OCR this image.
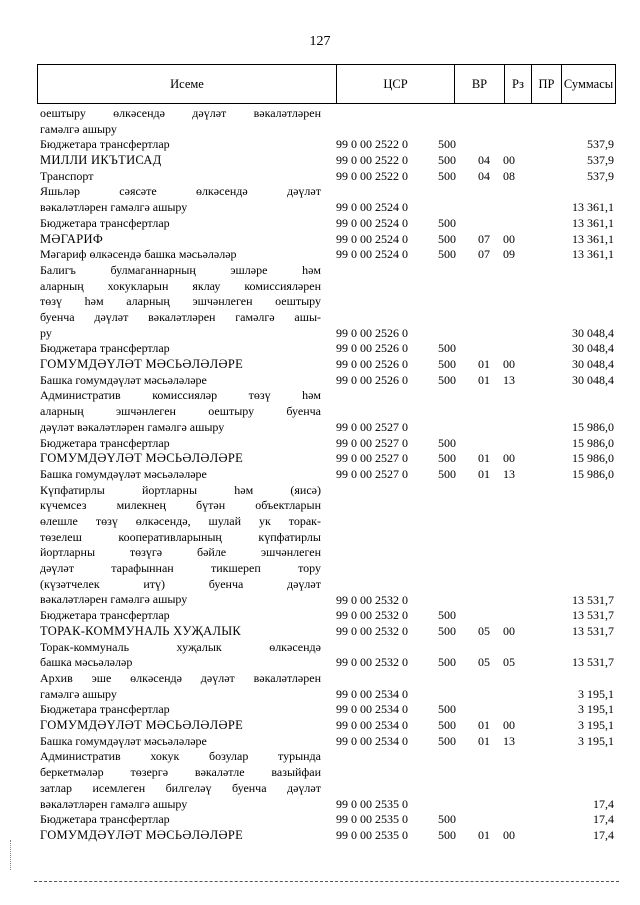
127
Исеме	ЦСР	ВР	Рз	ПР Суммасы
оештыру өлкәсендә дәүләт вәкаләтләрен
гамәлгә ашыру
Бюджетара трансфертлар	99 0 00 2522 0	500	537,9
МИЛЛИ ИКЪТИСАД	99 0 00 2522 0	500 04 00	537,9
Транспорт	99 0 00 2522 0	500 04 08	537,9
Яшьләр сәясәте өлкәсендә дәүләт
вәкаләтләрен гамәлгә ашыру	99 0 00 2524 0	13 361,1
Бюджетара трансфертлар	99 0 00 2524 0	500	13 361,1
МӘГАРИФ	99 0 00 2524 0	500 07 00	13 361,1
Мәгариф өлкәсендә башка мәсьәләләр	99 0 00 2524 0	500 07 09	13 361,1
Балигъ булмаганнарның эшләре һәм
аларның хокукларын яклау комиссияләрен
төзү һәм аларның эшчәнлеген оештыру
буенча дәүләт вәкаләтләрен гамәлгә ашы-
ру	99 0 00 2526 0	30 048,4
Бюджетара трансфертлар	99 0 00 2526 0	500	30 048,4
ГОМУМДӘҮЛӘТ МӘСЬӘЛӘЛӘРЕ	99 0 00 2526 0	500 01 00	30 048,4
Башка гомумдәүләт мәсьәләләре	99 0 00 2526 0	500 01 13	30 048,4
Административ комиссияләр төзү һәм
аларның эшчәнлеген оештыру буенча
дәүләт вәкаләтләрен гамәлгә ашыру	99 0 00 2527 0	15 986,0
Бюджетара трансфертлар	99 0 00 2527 0	500	15 986,0
ГОМУМДӘҮЛӘТ МӘСЬӘЛӘЛӘРЕ	99 0 00 2527 0	500 01 00	15 986,0
Башка гомумдәүләт мәсьәләләре	99 0 00 2527 0	500 01 13	15 986,0
Күпфатирлы йортларны һәм (яисә)
күчемсез милекнең бүтән объектларын
өлешле төзү өлкәсендә, шулай ук торак-
төзелеш кооперативларының күпфатирлы
йортларны төзүгә бәйле эшчәнлеген
дәүләт тарафыннан тикшереп тору
(күзәтчелек итү) буенча дәүләт
вәкаләтләрен гамәлгә ашыру	99 0 00 2532 0	13 531,7
Бюджетара трансфертлар	99 0 00 2532 0	500	13 531,7
ТОРАК-КОММУНАЛЬ ХУҖАЛЫК	99 0 00 2532 0	500 05 00	13 531,7
Торак-коммуналь хуҗалык өлкәсендә
башка мәсьәләләр	99 0 00 2532 0	500 05 05	13 531,7
Архив эше өлкәсендә дәүләт вәкаләтләрен
гамәлгә ашыру	99 0 00 2534 0	3 195,1
Бюджетара трансфертлар	99 0 00 2534 0	500	3 195,1
ГОМУМДӘҮЛӘТ МӘСЬӘЛӘЛӘРЕ	99 0 00 2534 0	500 01 00	3 195,1
Башка гомумдәүләт мәсьәләләре	99 0 00 2534 0	500 01 13	3 195,1
Административ хокук бозулар турында
беркетмәләр төзергә вәкаләтле вазыйфаи
затлар исемлеген билгеләү буенча дәүләт
вәкаләтләрен гамәлгә ашыру	99 0 00 2535 0	17,4
Бюджетара трансфертлар	99 0 00 2535 0	500	17,4
ГОМУМДӘҮЛӘТ МӘСЬӘЛӘЛӘРЕ	99 0 00 2535 0	500 01 00	17,4
